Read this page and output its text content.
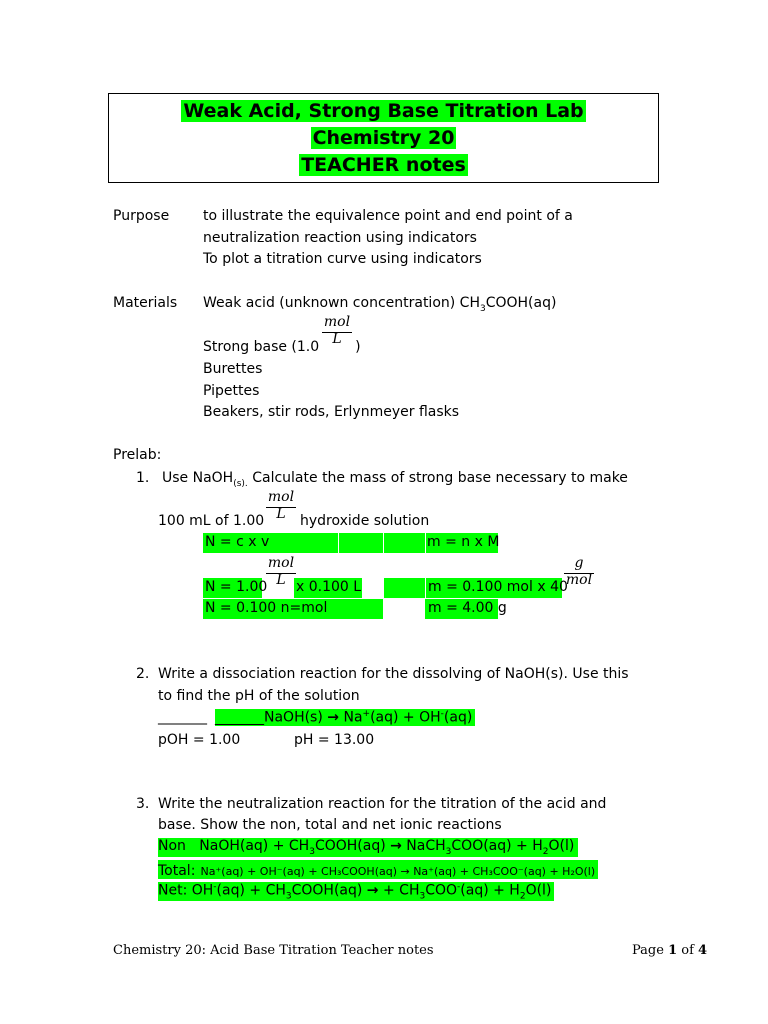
Weak Acid, Strong Base Titration Lab
Chemistry 20
TEACHER notes
Purpose to illustrate the equivalence point and end point of a
neutralization reaction using indicators
To plot a titration curve using indicators
Materials Weak acid (unknown concentration) $CH_3COOH(aq)$
mol
L
Strong base (1.0	)
Burettes
Pipettes
Beakers, stir rods, Erlynmeyer flasks
Prelab:
1. Use NaOH$_{(s).}$ Calculate the mass of strong base necessary to make
mol
L
100 mL of 1.00	hydroxide solution
N = c x v	m = n x M
mol
L
N = 1.00 x 0.100 L	m = 0.100 mol x 40
g
mol
N = 0.100 n=mol	m = 4.00 g
2. Write a dissociation reaction for the dissolving of NaOH(s). Use this
to find the pH of the solution
_______ _______NaOH(s) → Na+(aq) + OH-(aq)
pOH = 1.00	pH = 13.00
3. Write the neutralization reaction for the titration of the acid and
base. Show the non, total and net ionic reactions
Non NaOH(aq) + $CH_3COOH(aq)$ → NaCH$_3$COO(aq) + $H_2O(l)$
Total: Na⁺(aq) + OH⁻(aq) + CH₃COOH(aq) → Na⁺(aq) + CH₃COO⁻(aq) + H₂O(l)
Net: $OH^-(aq) + CH_3COOH(aq)$ → + $CH_3COO^-(aq) + H_2O(l)$
Chemistry 20: Acid Base Titration Teacher notes	Page 1 of 4
